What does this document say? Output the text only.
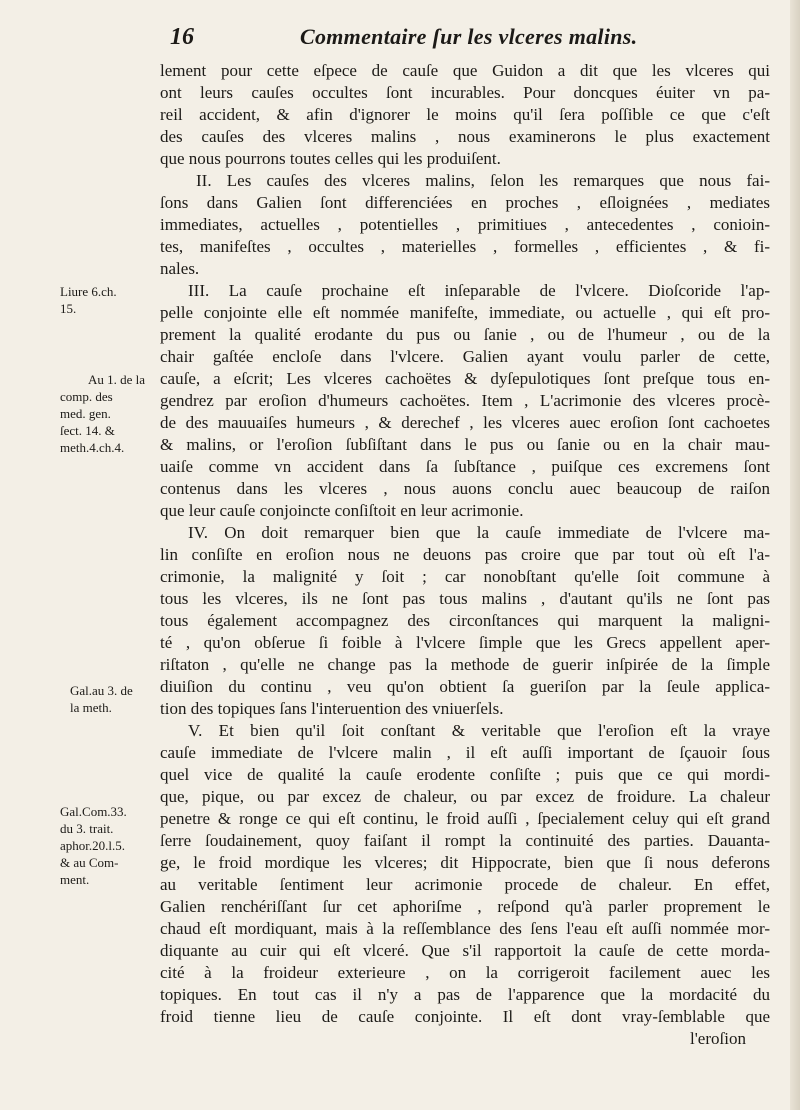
16	Commentaire ſur les vlceres malins.
lement pour cette eſpece de cauſe que Guidon a dit que les vlceres qui
ont leurs cauſes occultes ſont incurables. Pour doncques éuiter vn pa-
reil accident, & afin d'ignorer le moins qu'il ſera poſſible ce que c'eſt
des cauſes des vlceres malins , nous examinerons le plus exactement
que nous pourrons toutes celles qui les produiſent.
II. Les cauſes des vlceres malins, ſelon les remarques que nous fai-
ſons dans Galien ſont differenciées en proches , eſloignées , mediates
immediates, actuelles , potentielles , primitiues , antecedentes , conioin-
tes, manifeſtes , occultes , materielles , formelles , efficientes , & fi-
nales.
III. La cauſe prochaine eſt inſeparable de l'vlcere. Dioſcoride l'ap-
pelle conjointe elle eſt nommée manifeſte, immediate, ou actuelle , qui eſt pro-
prement la qualité erodante du pus ou ſanie , ou de l'humeur , ou de la
chair gaſtée encloſe dans l'vlcere. Galien ayant voulu parler de cette,
cauſe, a eſcrit; Les vlceres cachoëtes & dyſepulotiques ſont preſque tous en-
gendrez par eroſion d'humeurs cachoëtes. Item , L'acrimonie des vlceres procè-
de des mauuaiſes humeurs , & derechef , les vlceres auec eroſion ſont cachoetes
& malins, or l'eroſion ſubſiſtant dans le pus ou ſanie ou en la chair mau-
uaiſe comme vn accident dans ſa ſubſtance , puiſque ces excremens ſont
contenus dans les vlceres , nous auons conclu auec beaucoup de raiſon
que leur cauſe conjoincte conſiſtoit en leur acrimonie.
IV. On doit remarquer bien que la cauſe immediate de l'vlcere ma-
lin conſiſte en eroſion nous ne deuons pas croire que par tout où eſt l'a-
crimonie, la malignité y ſoit ; car nonobſtant qu'elle ſoit commune à
tous les vlceres, ils ne ſont pas tous malins , d'autant qu'ils ne ſont pas
tous également accompagnez des circonſtances qui marquent la maligni-
té , qu'on obſerue ſi foible à l'vlcere ſimple que les Grecs appellent aper-
riſtaton , qu'elle ne change pas la methode de guerir inſpirée de la ſimple
diuiſion du continu , veu qu'on obtient ſa gueriſon par la ſeule applica-
tion des topiques ſans l'interuention des vniuerſels.
V. Et bien qu'il ſoit conſtant & veritable que l'eroſion eſt la vraye
cauſe immediate de l'vlcere malin , il eſt auſſi important de ſçauoir ſous
quel vice de qualité la cauſe erodente conſiſte ; puis que ce qui mordi-
que, pique, ou par excez de chaleur, ou par excez de froidure. La chaleur
penetre & ronge ce qui eſt continu, le froid auſſi , ſpecialement celuy qui eſt grand
ſerre ſoudainement, quoy faiſant il rompt la continuité des parties. Dauanta-
ge, le froid mordique les vlceres; dit Hippocrate, bien que ſi nous deferons
au veritable ſentiment leur acrimonie procede de chaleur. En effet,
Galien renchériſſant ſur cet aphoriſme , reſpond qu'à parler proprement le
chaud eſt mordiquant, mais à la reſſemblance des ſens l'eau eſt auſſi nommée mor-
diquante au cuir qui eſt vlceré. Que s'il rapportoit la cauſe de cette morda-
cité à la froideur exterieure , on la corrigeroit facilement auec les
topiques. En tout cas il n'y a pas de l'apparence que la mordacité du
froid tienne lieu de cauſe conjointe. Il eſt dont vray-ſemblable que
l'eroſion
Liure 6.ch.
15.
Au 1. de la
comp. des
med. gen.
ſect. 14. &
meth.4.ch.4.
Gal.au 3. de
la meth.
Gal.Com.33.
du 3. trait.
aphor.20.l.5.
& au Com-
ment.
